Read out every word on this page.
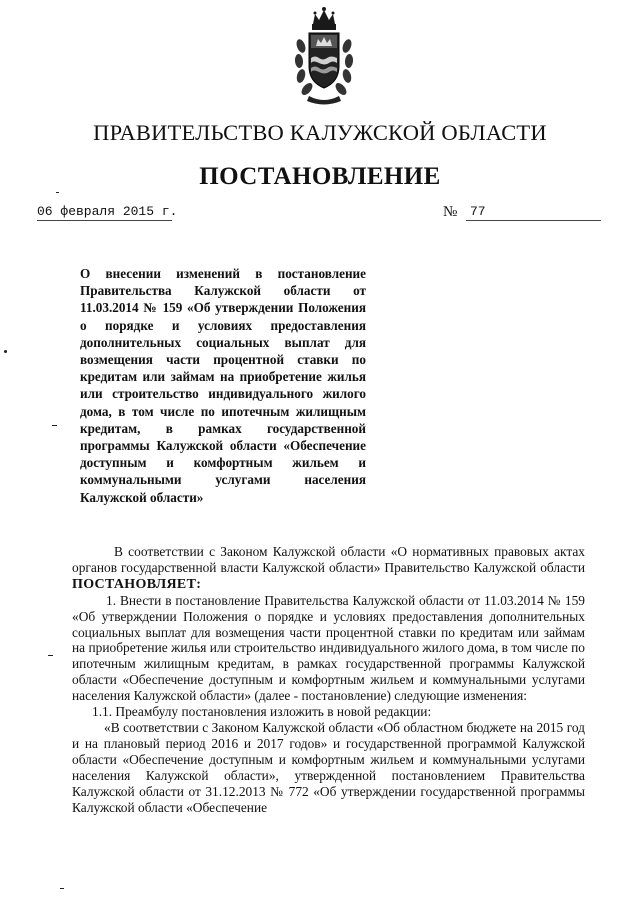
ПРАВИТЕЛЬСТВО КАЛУЖСКОЙ ОБЛАСТИ
ПОСТАНОВЛЕНИЕ
06 февраля 2015 г.	№ 77
О внесении изменений в постановление Правительства Калужской области от 11.03.2014 № 159 «Об утверждении Положения о порядке и условиях предоставления дополнительных социальных выплат для возмещения части процентной ставки по кредитам или займам на приобретение жилья или строительство индивидуального жилого дома, в том числе по ипотечным жилищным кредитам, в рамках государственной программы Калужской области «Обеспечение доступным и комфортным жильем и коммунальными услугами населения Калужской области»

В соответствии с Законом Калужской области «О нормативных правовых актах органов государственной власти Калужской области» Правительство Калужской области ПОСТАНОВЛЯЕТ:

1. Внести в постановление Правительства Калужской области от 11.03.2014 № 159 «Об утверждении Положения о порядке и условиях предоставления дополнительных социальных выплат для возмещения части процентной ставки по кредитам или займам на приобретение жилья или строительство индивидуального жилого дома, в том числе по ипотечным жилищным кредитам, в рамках государственной программы Калужской области «Обеспечение доступным и комфортным жильем и коммунальными услугами населения Калужской области» (далее - постановление) следующие изменения:

1.1. Преамбулу постановления изложить в новой редакции:

«В соответствии с Законом Калужской области «Об областном бюджете на 2015 год и на плановый период 2016 и 2017 годов» и государственной программой Калужской области «Обеспечение доступным и комфортным жильем и коммунальными услугами населения Калужской области», утвержденной постановлением Правительства Калужской области от 31.12.2013 № 772 «Об утверждении государственной программы Калужской области «Обеспечение
